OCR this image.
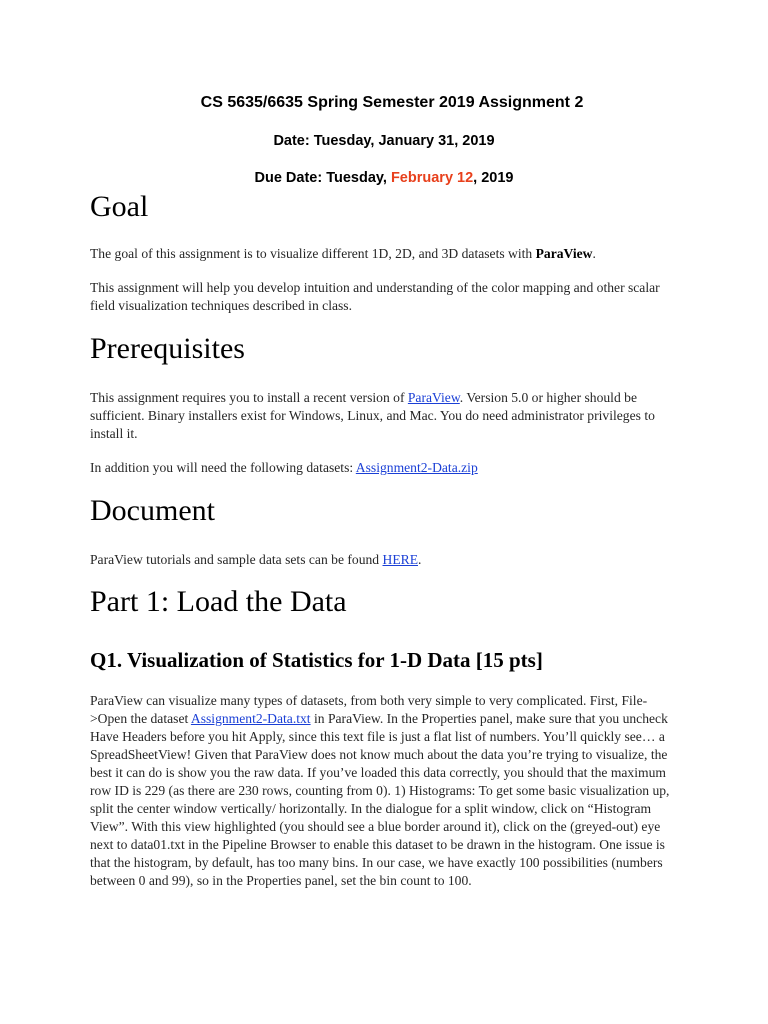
CS 5635/6635 Spring Semester 2019 Assignment 2
Date: Tuesday, January 31, 2019
Due Date: Tuesday, February 12, 2019
Goal

The goal of this assignment is to visualize different 1D, 2D, and 3D datasets with ParaView.

This assignment will help you develop intuition and understanding of the color mapping and other scalar field visualization techniques described in class.

Prerequisites

This assignment requires you to install a recent version of ParaView. Version 5.0 or higher should be sufficient. Binary installers exist for Windows, Linux, and Mac. You do need administrator privileges to install it.

In addition you will need the following datasets: Assignment2-Data.zip

Document

ParaView tutorials and sample data sets can be found HERE.

Part 1: Load the Data
Q1. Visualization of Statistics for 1-D Data [15 pts]

ParaView can visualize many types of datasets, from both very simple to very complicated. First, File->Open the dataset Assignment2-Data.txt in ParaView. In the Properties panel, make sure that you uncheck Have Headers before you hit Apply, since this text file is just a flat list of numbers. You’ll quickly see… a SpreadSheetView! Given that ParaView does not know much about the data you’re trying to visualize, the best it can do is show you the raw data. If you’ve loaded this data correctly, you should that the maximum row ID is 229 (as there are 230 rows, counting from 0). 1) Histograms: To get some basic visualization up, split the center window vertically/ horizontally. In the dialogue for a split window, click on “Histogram View”. With this view highlighted (you should see a blue border around it), click on the (greyed-out) eye next to data01.txt in the Pipeline Browser to enable this dataset to be drawn in the histogram. One issue is that the histogram, by default, has too many bins. In our case, we have exactly 100 possibilities (numbers between 0 and 99), so in the Properties panel, set the bin count to 100.
